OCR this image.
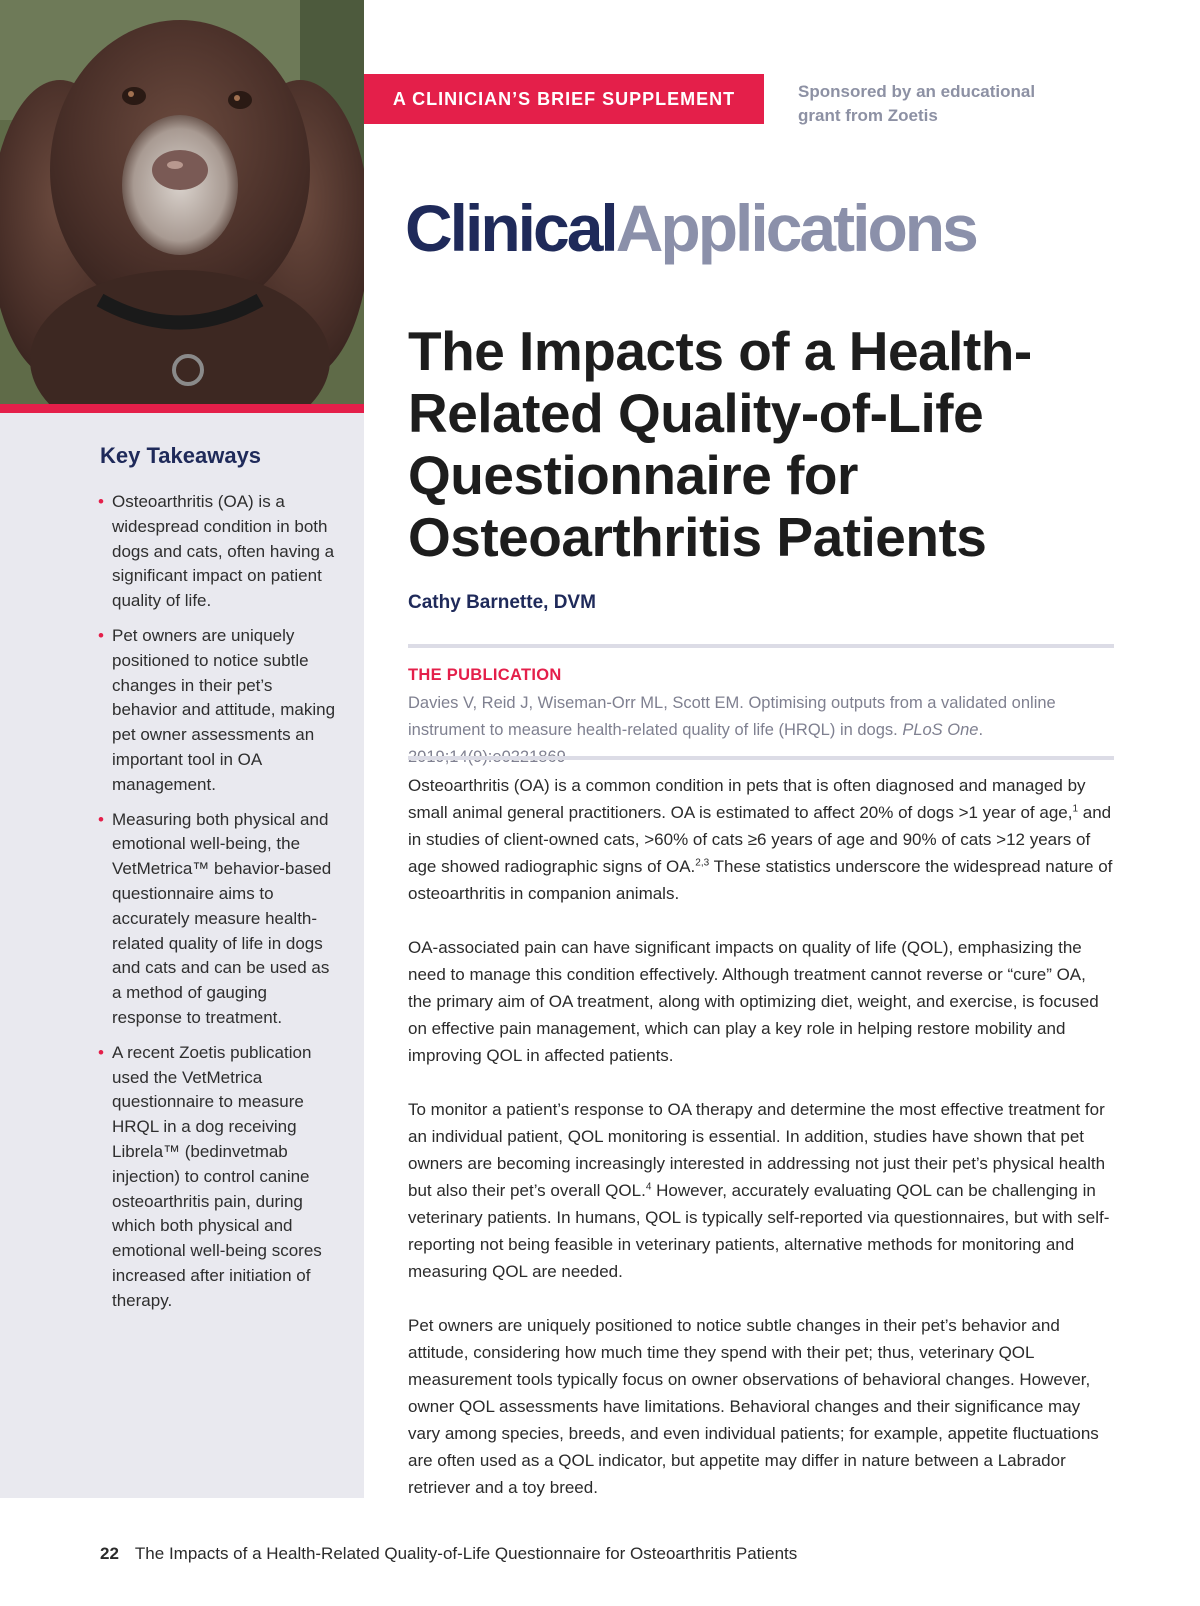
Key Takeaways
• Osteoarthritis (OA) is a widespread condition in both dogs and cats, often having a significant impact on patient quality of life.
• Pet owners are uniquely positioned to notice subtle changes in their pet’s behavior and attitude, making pet owner assessments an important tool in OA management.
• Measuring both physical and emotional well-being, the VetMetrica™ behavior-based questionnaire aims to accurately measure health-related quality of life in dogs and cats and can be used as a method of gauging response to treatment.
• A recent Zoetis publication used the VetMetrica questionnaire to measure HRQL in a dog receiving Librela™ (bedinvetmab injection) to control canine osteoarthritis pain, during which both physical and emotional well-being scores increased after initiation of therapy.
A CLINICIAN’S BRIEF SUPPLEMENT	Sponsored by an educational
grant from Zoetis
ClinicalApplications
The Impacts of a Health-Related Quality-of-Life Questionnaire for Osteoarthritis Patients
Cathy Barnette, DVM
THE PUBLICATION
Davies V, Reid J, Wiseman-Orr ML, Scott EM. Optimising outputs from a validated online instrument to measure health-related quality of life (HRQL) in dogs. PLoS One.

Osteoarthritis (OA) is a common condition in pets that is often diagnosed and managed by small animal general practitioners. OA is estimated to affect 20% of dogs >1 year of age,$^1$ and in studies of client-owned cats, >60% of cats ≥6 years of age and 90% of cats >12 years of age showed radiographic signs of OA.$^{2,3}$ These statistics underscore the widespread nature of osteoarthritis in companion animals.

OA-associated pain can have significant impacts on quality of life (QOL), emphasizing the need to manage this condition effectively. Although treatment cannot reverse or “cure” OA, the primary aim of OA treatment, along with optimizing diet, weight, and exercise, is focused on effective pain management, which can play a key role in helping restore mobility and improving QOL in affected patients.

To monitor a patient’s response to OA therapy and determine the most effective treatment for an individual patient, QOL monitoring is essential. In addition, studies have shown that pet owners are becoming increasingly interested in addressing not just their pet’s physical health but also their pet’s overall QOL.$^4$ However, accurately evaluating QOL can be challenging in veterinary patients. In humans, QOL is typically self-reported via questionnaires, but with self-reporting not being feasible in veterinary patients, alternative methods for monitoring and measuring QOL are needed.

Pet owners are uniquely positioned to notice subtle changes in their pet’s behavior and attitude, considering how much time they spend with their pet; thus, veterinary QOL measurement tools typically focus on owner observations of behavioral changes. However, owner QOL assessments have limitations. Behavioral changes and their significance may vary among species, breeds, and even individual patients; for example, appetite fluctuations are often used as a QOL indicator, but appetite may differ in nature between a Labrador retriever and a toy breed.

22 The Impacts of a Health-Related Quality-of-Life Questionnaire for Osteoarthritis Patients
